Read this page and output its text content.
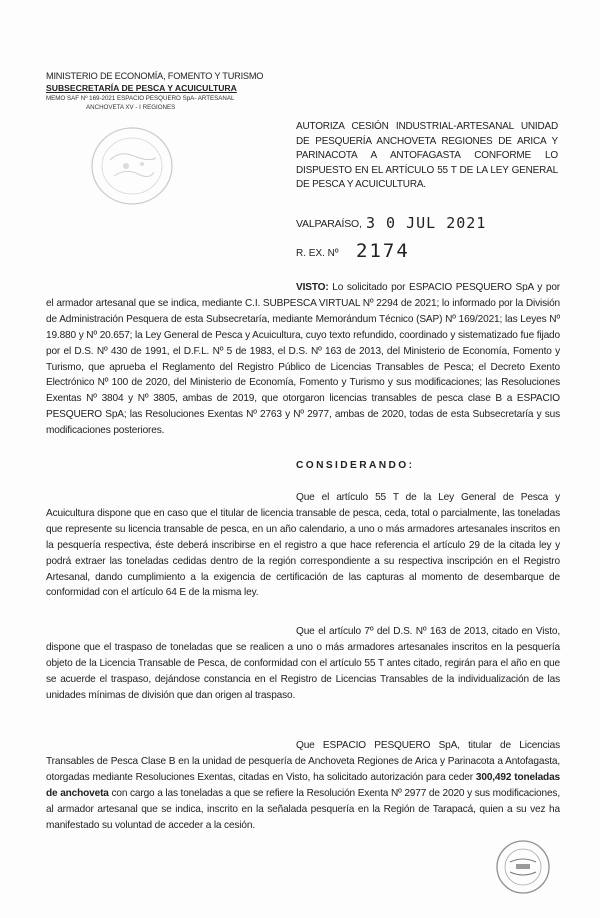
MINISTERIO DE ECONOMÍA, FOMENTO Y TURISMO
SUBSECRETARÍA DE PESCA Y ACUICULTURA
MEMO SAF Nº 169-2021 ESPACIO PESQUERO SpA- ARTESANAL
ANCHOVETA XV - I REGIONES
AUTORIZA CESIÓN INDUSTRIAL-ARTESANAL UNIDAD DE PESQUERÍA ANCHOVETA REGIONES DE ARICA Y PARINACOTA A ANTOFAGASTA CONFORME LO DISPUESTO EN EL ARTÍCULO 55 T DE LA LEY GENERAL DE PESCA Y ACUICULTURA.
VALPARAÍSO, 3 0 JUL 2021
R. EX. Nº 2174
VISTO: Lo solicitado por ESPACIO PESQUERO SpA y por el armador artesanal que se indica, mediante C.I. SUBPESCA VIRTUAL Nº 2294 de 2021; lo informado por la División de Administración Pesquera de esta Subsecretaría, mediante Memorándum Técnico (SAP) Nº 169/2021; las Leyes Nº 19.880 y Nº 20.657; la Ley General de Pesca y Acuicultura, cuyo texto refundido, coordinado y sistematizado fue fijado por el D.S. Nº 430 de 1991, el D.F.L. Nº 5 de 1983, el D.S. Nº 163 de 2013, del Ministerio de Economía, Fomento y Turismo, que aprueba el Reglamento del Registro Público de Licencias Transables de Pesca; el Decreto Exento Electrónico Nº 100 de 2020, del Ministerio de Economía, Fomento y Turismo y sus modificaciones; las Resoluciones Exentas Nº 3804 y Nº 3805, ambas de 2019, que otorgaron licencias transables de pesca clase B a ESPACIO PESQUERO SpA; las Resoluciones Exentas Nº 2763 y Nº 2977, ambas de 2020, todas de esta Subsecretaría y sus modificaciones posteriores.
CONSIDERANDO:
Que el artículo 55 T de la Ley General de Pesca y Acuicultura dispone que en caso que el titular de licencia transable de pesca, ceda, total o parcialmente, las toneladas que represente su licencia transable de pesca, en un año calendario, a uno o más armadores artesanales inscritos en la pesquería respectiva, éste deberá inscribirse en el registro a que hace referencia el artículo 29 de la citada ley y podrá extraer las toneladas cedidas dentro de la región correspondiente a su respectiva inscripción en el Registro Artesanal, dando cumplimiento a la exigencia de certificación de las capturas al momento de desembarque de conformidad con el artículo 64 E de la misma ley.
Que el artículo 7º del D.S. Nº 163 de 2013, citado en Visto, dispone que el traspaso de toneladas que se realicen a uno o más armadores artesanales inscritos en la pesquería objeto de la Licencia Transable de Pesca, de conformidad con el artículo 55 T antes citado, regirán para el año en que se acuerde el traspaso, dejándose constancia en el Registro de Licencias Transables de la individualización de las unidades mínimas de división que dan origen al traspaso.
Que ESPACIO PESQUERO SpA, titular de Licencias Transables de Pesca Clase B en la unidad de pesquería de Anchoveta Regiones de Arica y Parinacota a Antofagasta, otorgadas mediante Resoluciones Exentas, citadas en Visto, ha solicitado autorización para ceder 300,492 toneladas de anchoveta con cargo a las toneladas a que se refiere la Resolución Exenta Nº 2977 de 2020 y sus modificaciones, al armador artesanal que se indica, inscrito en la señalada pesquería en la Región de Tarapacá, quien a su vez ha manifestado su voluntad de acceder a la cesión.
